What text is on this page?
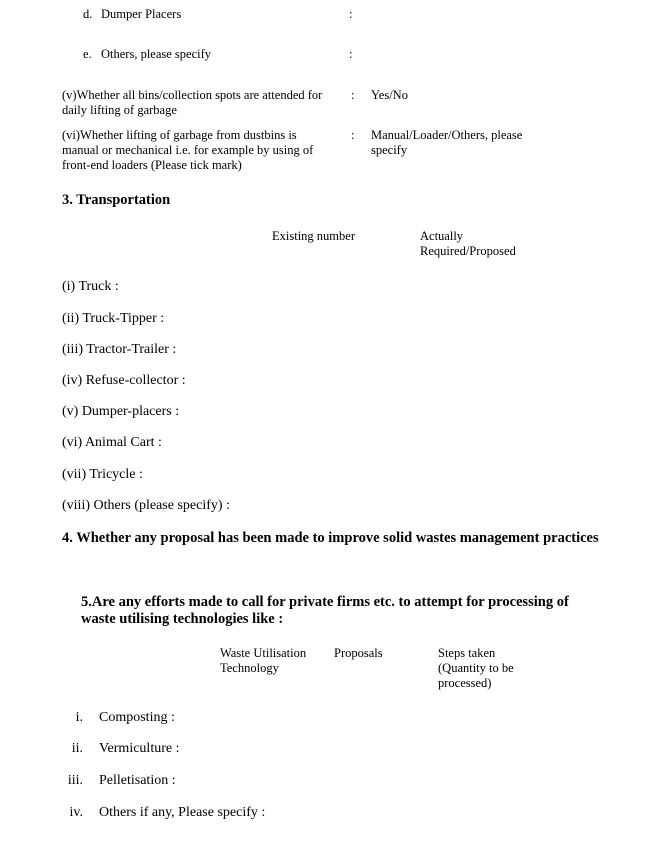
d. Dumper Placers	:
e. Others, please specify	:
(v)Whether all bins/collection spots are attended for
daily lifting of garbage
: Yes/No
(vi)Whether lifting of garbage from dustbins is
manual or mechanical i.e. for example by using of
front-end loaders (Please tick mark)
: Manual/Loader/Others, please
specify
3. Transportation
Existing number	Actually
Required/Proposed
(i) Truck :
(ii) Truck-Tipper :
(iii) Tractor-Trailer :
(iv) Refuse-collector :
(v) Dumper-placers :
(vi) Animal Cart :
(vii) Tricycle :
(viii) Others (please specify) :
4. Whether any proposal has been made to improve solid wastes management practices
5.Are any efforts made to call for private firms etc. to attempt for processing of
waste utilising technologies like :
Waste Utilisation
Technology
Proposals	Steps taken
(Quantity to be
processed)
i. Composting :
ii. Vermiculture :
iii. Pelletisation :
iv. Others if any, Please specify :
